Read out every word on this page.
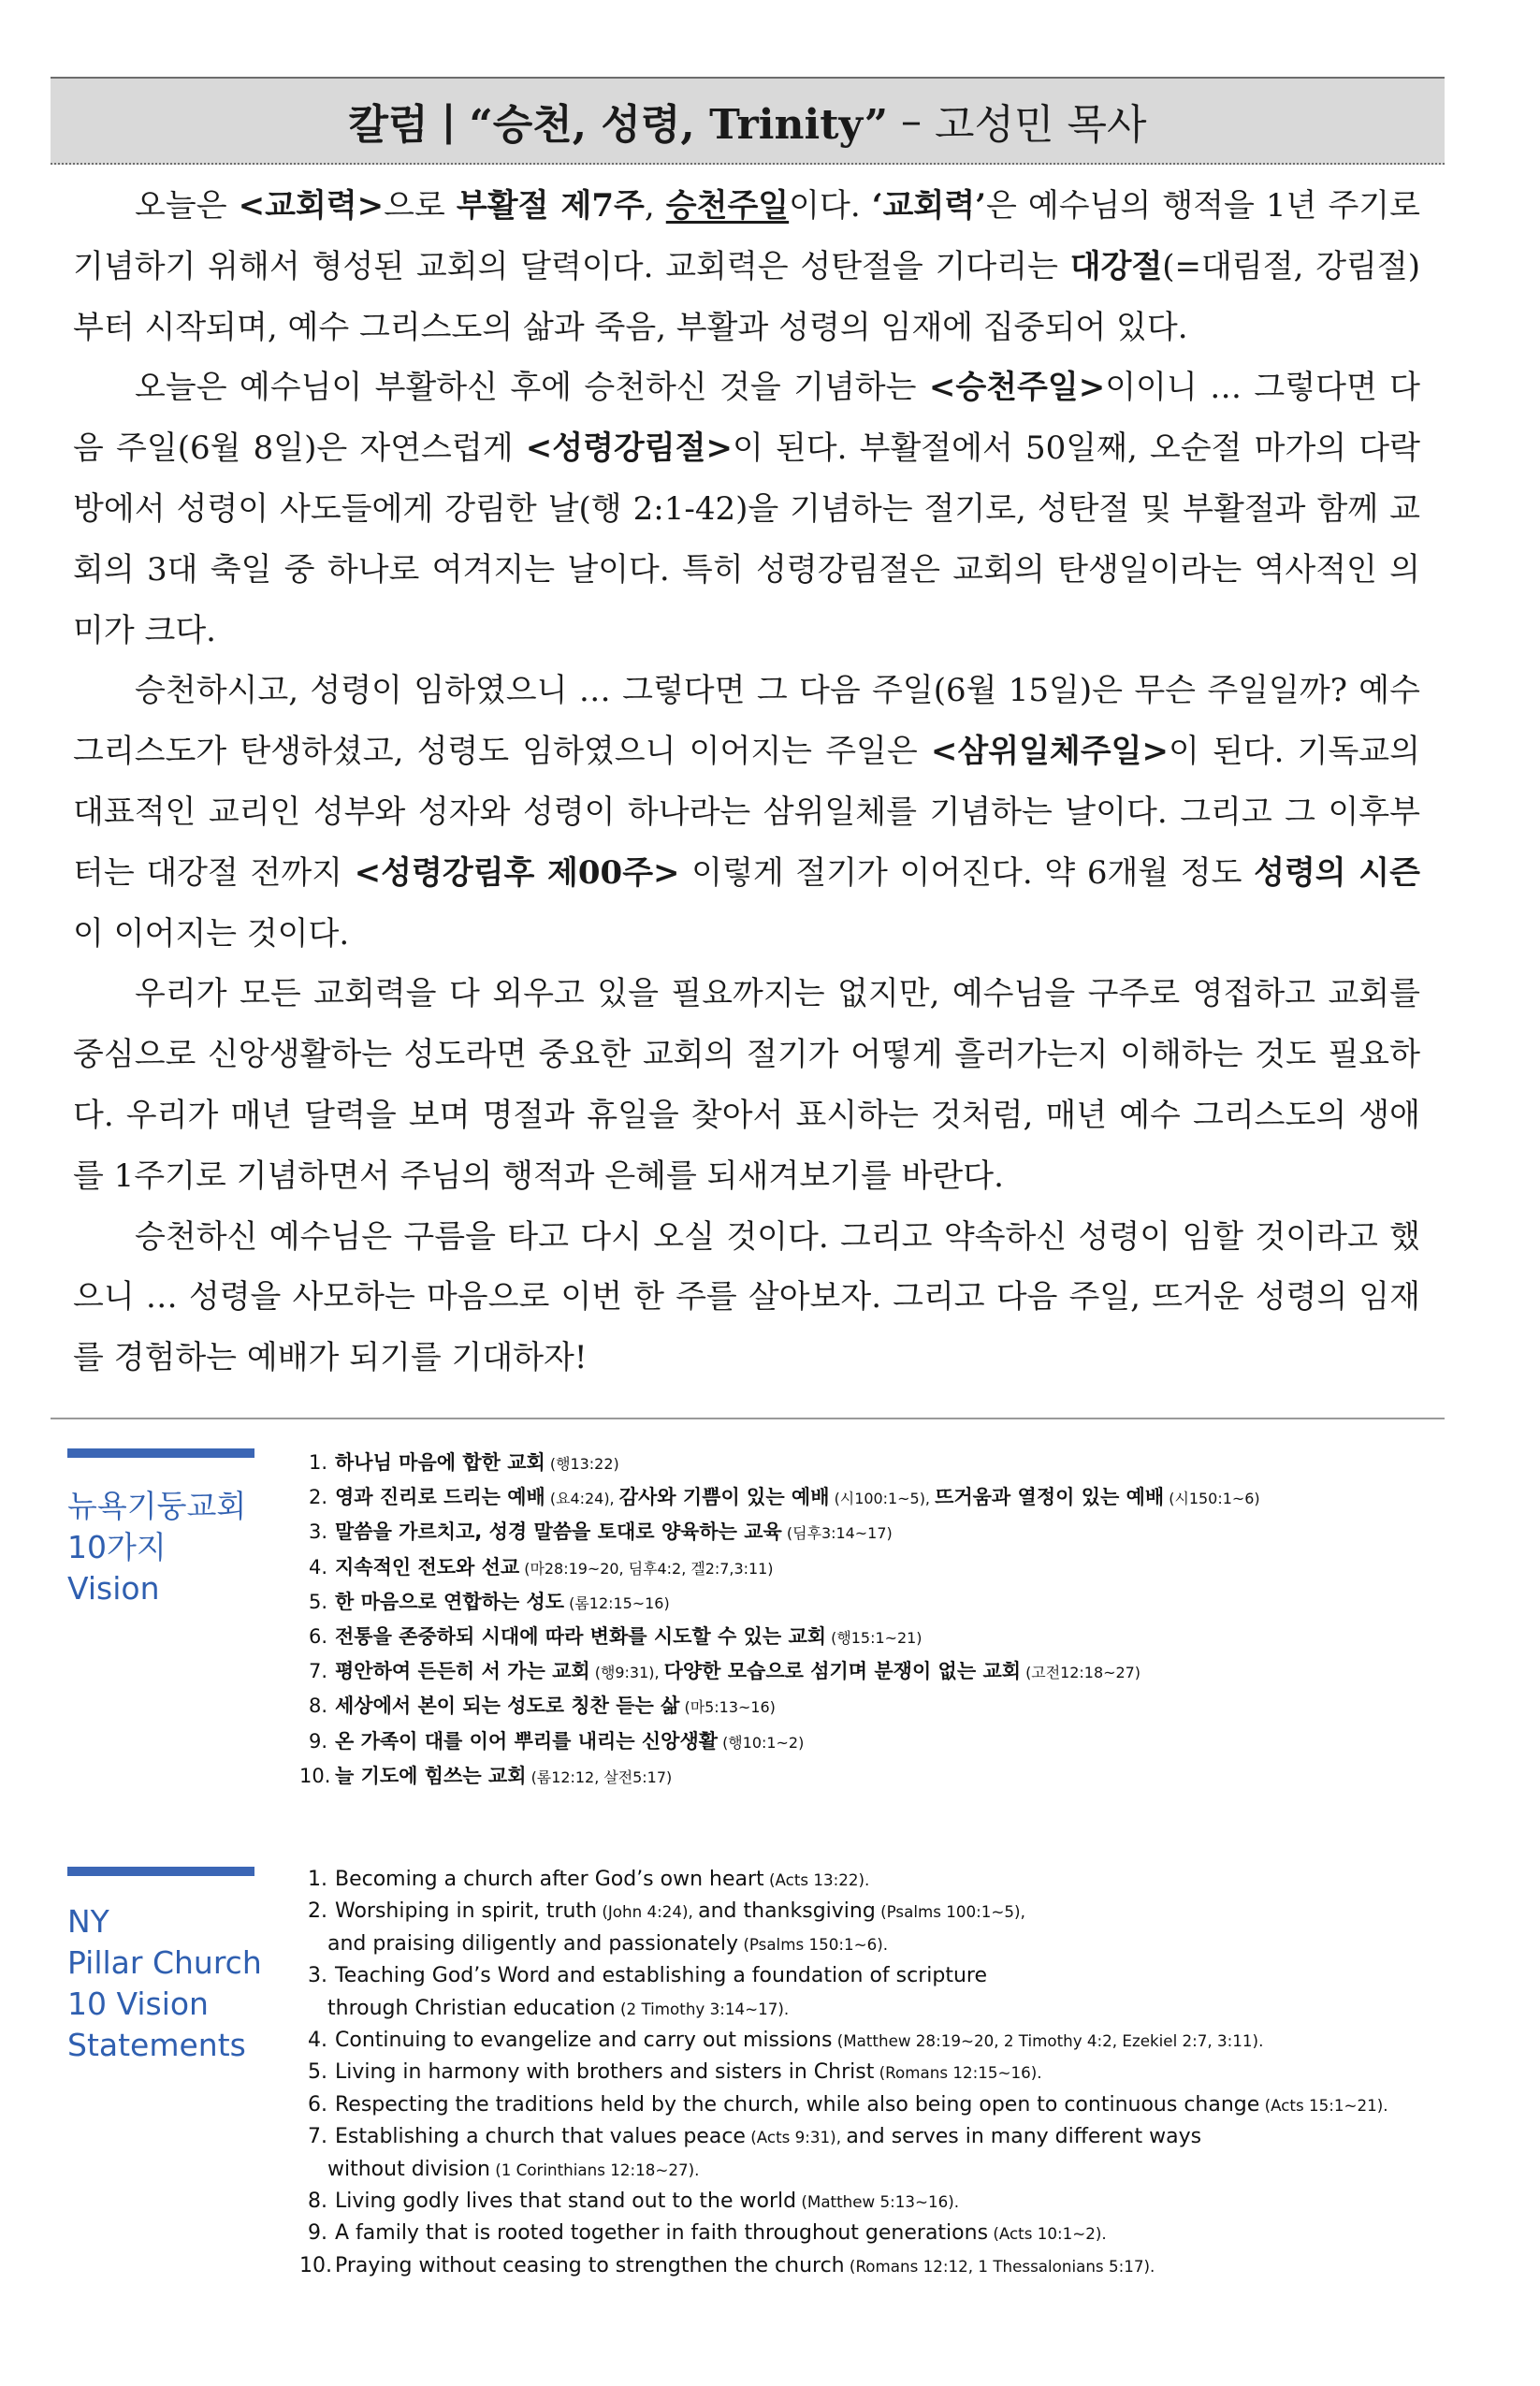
칼럼 | “승천, 성령, Trinity” – 고성민 목사

오늘은 <교회력>으로 부활절 제7주, 승천주일이다. ‘교회력’은 예수님의 행적을 1년 주기로 기념하기 위해서 형성된 교회의 달력이다. 교회력은 성탄절을 기다리는 대강절(=대림절, 강림절)부터 시작되며, 예수 그리스도의 삶과 죽음, 부활과 성령의 임재에 집중되어 있다.

오늘은 예수님이 부활하신 후에 승천하신 것을 기념하는 <승천주일>이이니 … 그렇다면 다음 주일(6월 8일)은 자연스럽게 <성령강림절>이 된다. 부활절에서 50일째, 오순절 마가의 다락방에서 성령이 사도들에게 강림한 날(행 2:1-42)을 기념하는 절기로, 성탄절 및 부활절과 함께 교회의 3대 축일 중 하나로 여겨지는 날이다. 특히 성령강림절은 교회의 탄생일이라는 역사적인 의미가 크다.

승천하시고, 성령이 임하였으니 … 그렇다면 그 다음 주일(6월 15일)은 무슨 주일일까? 예수 그리스도가 탄생하셨고, 성령도 임하였으니 이어지는 주일은 <삼위일체주일>이 된다. 기독교의 대표적인 교리인 성부와 성자와 성령이 하나라는 삼위일체를 기념하는 날이다. 그리고 그 이후부터는 대강절 전까지 <성령강림후 제00주> 이렇게 절기가 이어진다. 약 6개월 정도 성령의 시즌이 이어지는 것이다.

우리가 모든 교회력을 다 외우고 있을 필요까지는 없지만, 예수님을 구주로 영접하고 교회를 중심으로 신앙생활하는 성도라면 중요한 교회의 절기가 어떻게 흘러가는지 이해하는 것도 필요하다. 우리가 매년 달력을 보며 명절과 휴일을 찾아서 표시하는 것처럼, 매년 예수 그리스도의 생애를 1주기로 기념하면서 주님의 행적과 은혜를 되새겨보기를 바란다.

승천하신 예수님은 구름을 타고 다시 오실 것이다. 그리고 약속하신 성령이 임할 것이라고 했으니 … 성령을 사모하는 마음으로 이번 한 주를 살아보자. 그리고 다음 주일, 뜨거운 성령의 임재를 경험하는 예배가 되기를 기대하자!

뉴욕기둥교회
10가지
Vision
1. 하나님 마음에 합한 교회 (행13:22)
2. 영과 진리로 드리는 예배 (요4:24), 감사와 기쁨이 있는 예배 (시100:1~5), 뜨거움과 열정이 있는 예배 (시150:1~6)
3. 말씀을 가르치고, 성경 말씀을 토대로 양육하는 교육 (딤후3:14~17)
4. 지속적인 전도와 선교 (마28:19~20, 딤후4:2, 겔2:7,3:11)
5. 한 마음으로 연합하는 성도 (롬12:15~16)
6. 전통을 존중하되 시대에 따라 변화를 시도할 수 있는 교회 (행15:1~21)
7. 평안하여 든든히 서 가는 교회 (행9:31), 다양한 모습으로 섬기며 분쟁이 없는 교회 (고전12:18~27)
8. 세상에서 본이 되는 성도로 칭찬 듣는 삶 (마5:13~16)
9. 온 가족이 대를 이어 뿌리를 내리는 신앙생활 (행10:1~2)
10. 늘 기도에 힘쓰는 교회 (롬12:12, 살전5:17)
NY
Pillar Church
10 Vision
Statements
1. Becoming a church after God’s own heart (Acts 13:22).
2. Worshiping in spirit, truth (John 4:24), and thanksgiving (Psalms 100:1~5),
and praising diligently and passionately (Psalms 150:1~6).
3. Teaching God’s Word and establishing a foundation of scripture
through Christian education (2 Timothy 3:14~17).
4. Continuing to evangelize and carry out missions (Matthew 28:19~20, 2 Timothy 4:2, Ezekiel 2:7, 3:11).
5. Living in harmony with brothers and sisters in Christ (Romans 12:15~16).
6. Respecting the traditions held by the church, while also being open to continuous change (Acts 15:1~21).
7. Establishing a church that values peace (Acts 9:31), and serves in many different ways
without division (1 Corinthians 12:18~27).
8. Living godly lives that stand out to the world (Matthew 5:13~16).
9. A family that is rooted together in faith throughout generations (Acts 10:1~2).
10. Praying without ceasing to strengthen the church (Romans 12:12, 1 Thessalonians 5:17).
